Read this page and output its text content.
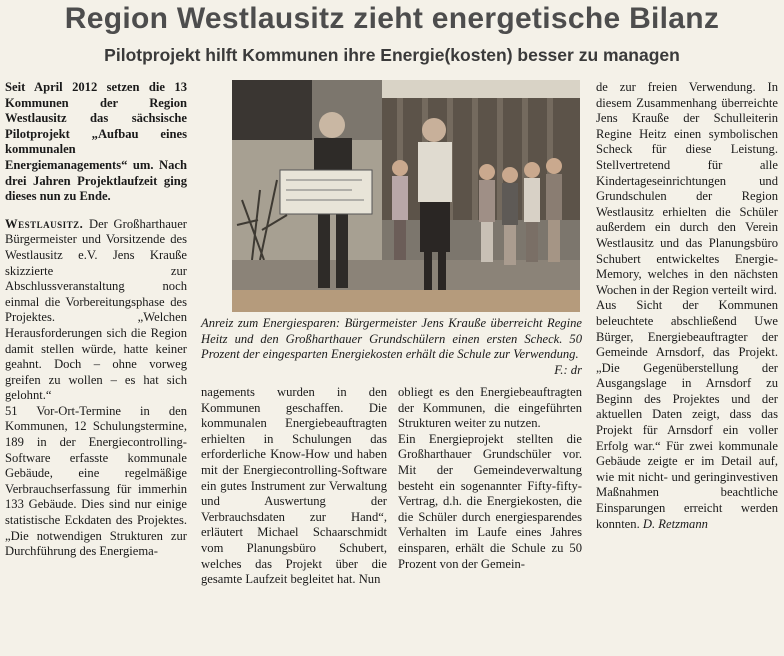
Region Westlausitz zieht energetische Bilanz
Pilotprojekt hilft Kommunen ihre Energie(kosten) besser zu managen

Seit April 2012 setzen die 13 Kommunen der Region Westlausitz das sächsische Pilotprojekt „Aufbau eines kommunalen Energiemanagements“ um. Nach drei Jahren Projektlaufzeit ging dieses nun zu Ende.

Westlausitz. Der Großharthauer Bürgermeister und Vorsitzende des Westlausitz e.V. Jens Krauße skizzierte zur Abschlussveranstaltung noch einmal die Vorbereitungsphase des Projektes. „Welchen Herausforderungen sich die Region damit stellen würde, hatte keiner geahnt. Doch – ohne vorweg greifen zu wollen – es hat sich gelohnt.“

51 Vor-Ort-Termine in den Kommunen, 12 Schulungstermine, 189 in der Energiecontrolling-Software erfasste kommunale Gebäude, eine regelmäßige Verbrauchserfassung für immerhin 133 Gebäude. Dies sind nur einige statistische Eckdaten des Projektes. „Die notwendigen Strukturen zur Durchführung des Energiema-

Anreiz zum Energiesparen: Bürgermeister Jens Krauße überreicht Regine Heitz und den Großharthauer Grundschülern einen ersten Scheck. 50 Prozent der eingesparten Energiekosten erhält die Schule zur Verwendung.
F.: dr

nagements wurden in den Kommunen geschaffen. Die kommunalen Energiebeauftragten erhielten in Schulungen das erforderliche Know-How und haben mit der Energiecontrolling-Software ein gutes Instrument zur Verwaltung und Auswertung der Verbrauchsdaten zur Hand“, erläutert Michael Schaarschmidt vom Planungsbüro Schubert, welches das Projekt über die gesamte Laufzeit begleitet hat. Nun

obliegt es den Energiebeauftragten der Kommunen, die eingeführten Strukturen weiter zu nutzen.

Ein Energieprojekt stellten die Großharthauer Grundschüler vor. Mit der Gemeindeverwaltung besteht ein sogenannter Fifty-fifty-Vertrag, d.h. die Energiekosten, die die Schüler durch energiesparendes Verhalten im Laufe eines Jahres einsparen, erhält die Schule zu 50 Prozent von der Gemein-

de zur freien Verwendung. In diesem Zusammenhang überreichte Jens Krauße der Schulleiterin Regine Heitz einen symbolischen Scheck für diese Leistung. Stellvertretend für alle Kindertageseinrichtungen und Grundschulen der Region Westlausitz erhielten die Schüler außerdem ein durch den Verein Westlausitz und das Planungsbüro Schubert entwickeltes Energie-Memory, welches in den nächsten Wochen in der Region verteilt wird.

Aus Sicht der Kommunen beleuchtete abschließend Uwe Bürger, Energiebeauftragter der Gemeinde Arnsdorf, das Projekt. „Die Gegenüberstellung der Ausgangslage in Arnsdorf zu Beginn des Projektes und der aktuellen Daten zeigt, dass das Projekt für Arnsdorf ein voller Erfolg war.“ Für zwei kommunale Gebäude zeigte er im Detail auf, wie mit nicht- und geringinvestiven Maßnahmen beachtliche Einsparungen erreicht werden konnten. D. Retzmann
